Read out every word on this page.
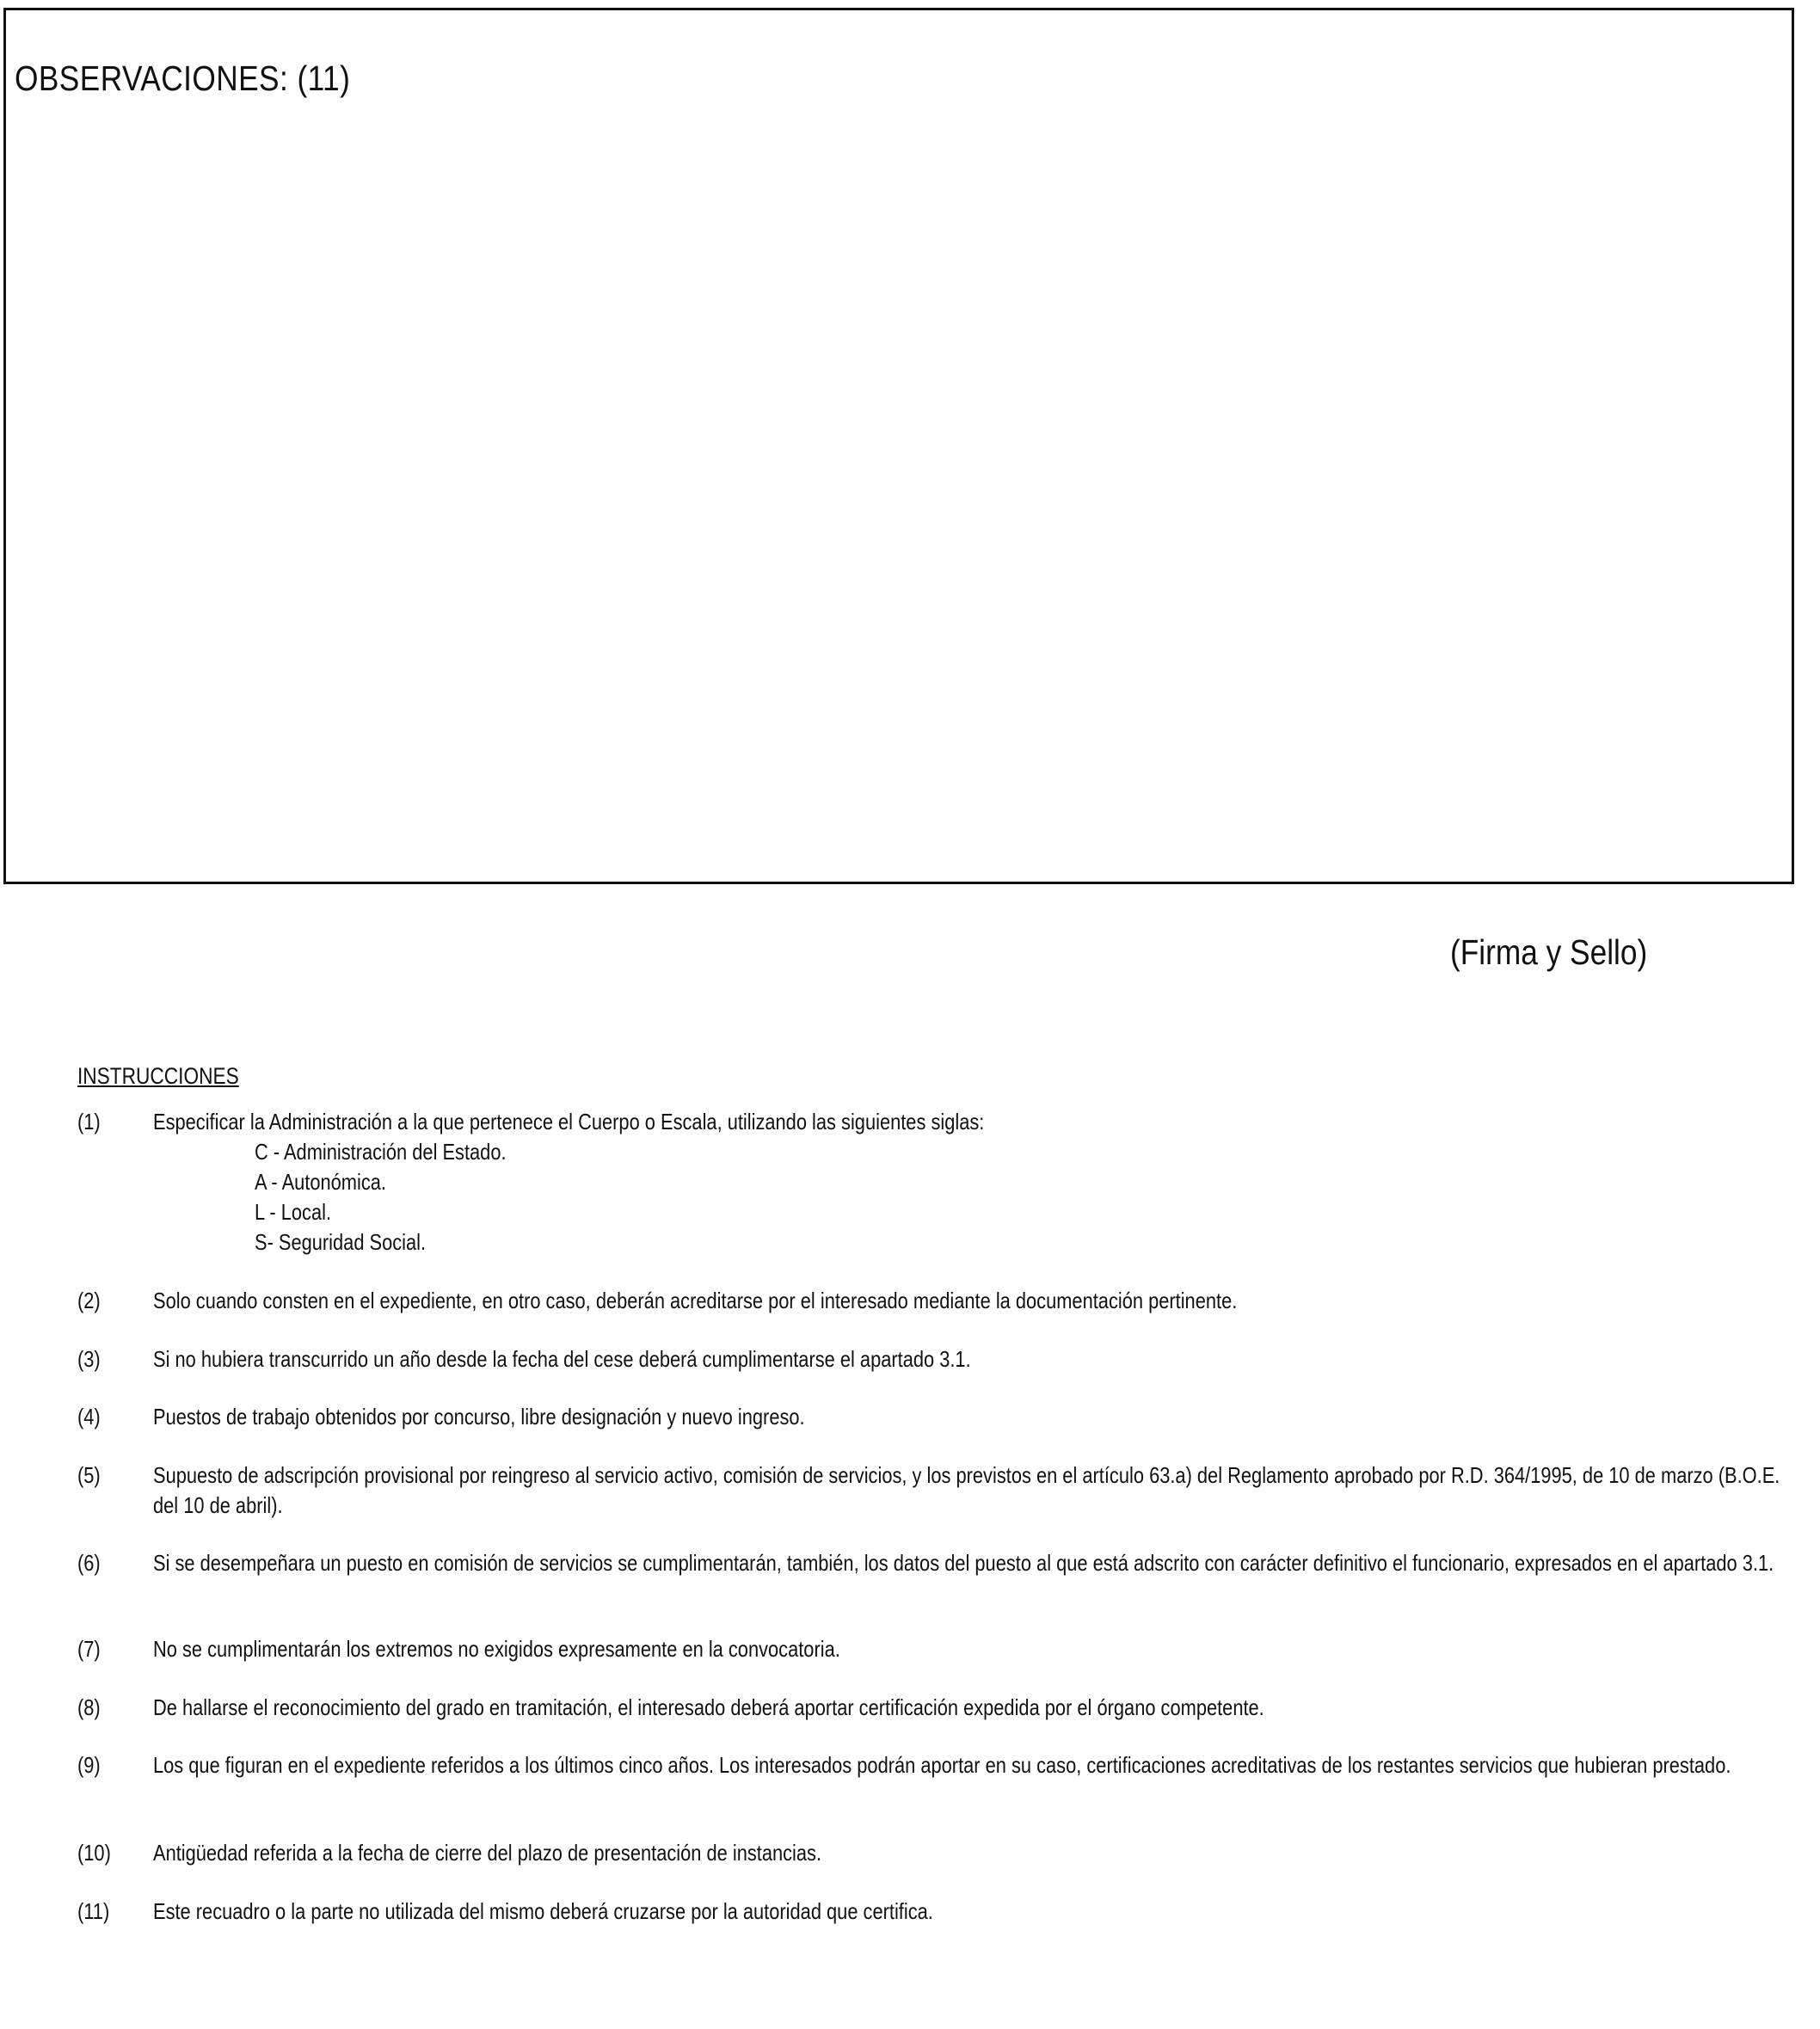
OBSERVACIONES: (11)
(Firma y Sello)
INSTRUCCIONES
(1) Especificar la Administración a la que pertenece el Cuerpo o Escala, utilizando las siguientes siglas:
C - Administración del Estado.
A - Autonómica.
L - Local.
S- Seguridad Social.
(2) Solo cuando consten en el expediente, en otro caso, deberán acreditarse por el interesado mediante la documentación pertinente.
(3) Si no hubiera transcurrido un año desde la fecha del cese deberá cumplimentarse el apartado 3.1.
(4) Puestos de trabajo obtenidos por concurso, libre designación y nuevo ingreso.
(5) Supuesto de adscripción provisional por reingreso al servicio activo, comisión de servicios, y los previstos en el artículo 63.a) del Reglamento aprobado por R.D. 364/1995, de 10 de marzo (B.O.E. del 10 de abril).
(6) Si se desempeñara un puesto en comisión de servicios se cumplimentarán, también, los datos del puesto al que está adscrito con carácter definitivo el funcionario, expresados en el apartado 3.1.
(7) No se cumplimentarán los extremos no exigidos expresamente en la convocatoria.
(8) De hallarse el reconocimiento del grado en tramitación, el interesado deberá aportar certificación expedida por el órgano competente.
(9) Los que figuran en el expediente referidos a los últimos cinco años. Los interesados podrán aportar en su caso, certificaciones acreditativas de los restantes servicios que hubieran prestado.
(10) Antigüedad referida a la fecha de cierre del plazo de presentación de instancias.
(11) Este recuadro o la parte no utilizada del mismo deberá cruzarse por la autoridad que certifica.
